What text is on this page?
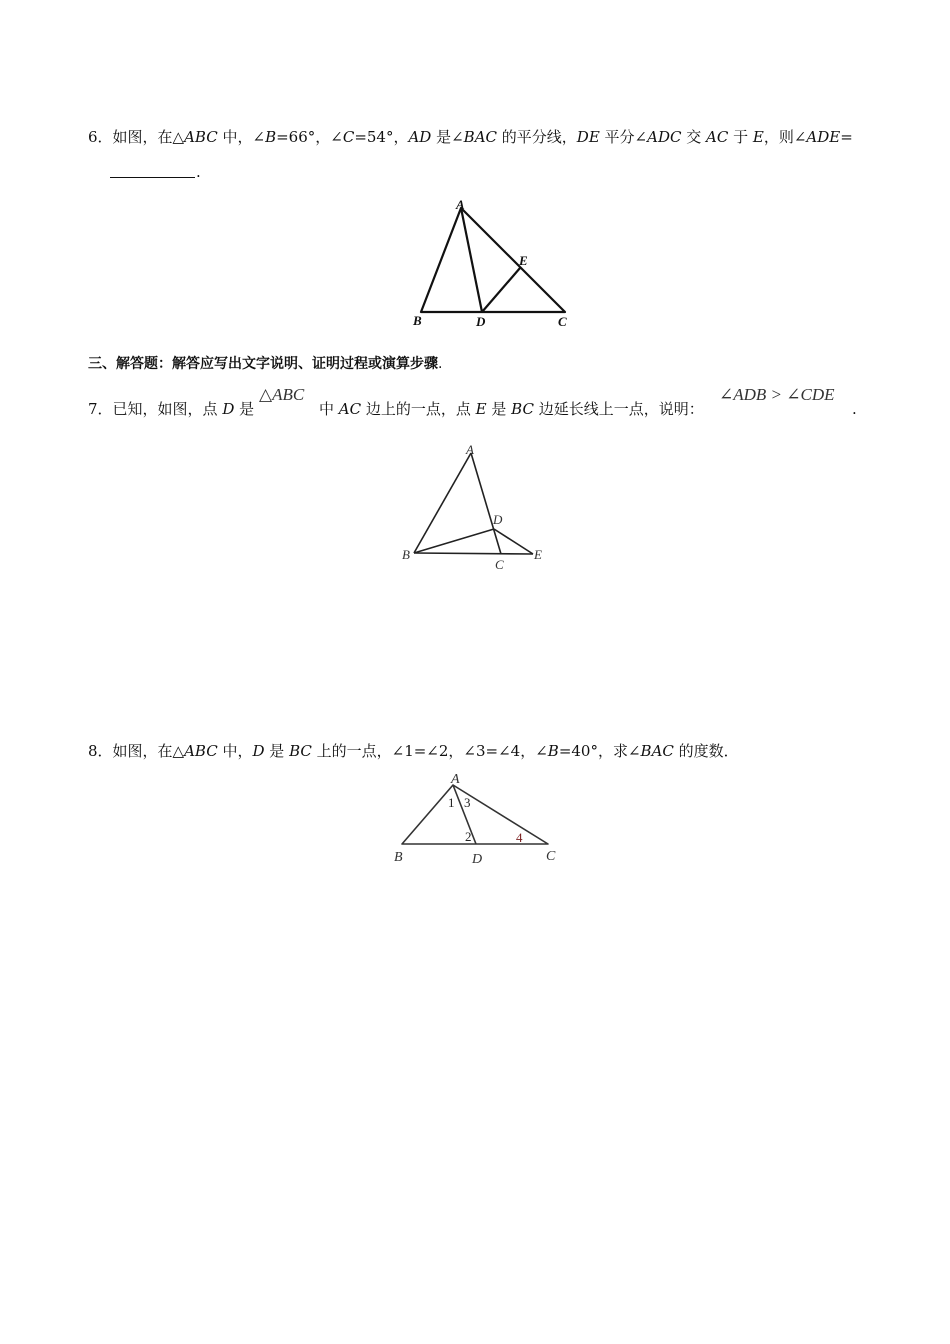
6．如图，在△ABC 中，∠B=66°，∠C=54°，AD 是∠BAC 的平分线，DE 平分∠ADC 交 AC 于 E，则∠ADE=
.
A
B	D	C
E
三、解答题：解答应写出文字说明、证明过程或演算步骤.
7．已知，如图，点 D 是
△ABC
中 AC 边上的一点，点 E 是 BC 边延长线上一点，说明：
∠ADB > ∠CDE
.
A
B
D
C
E
8．如图，在△ABC 中，D 是 BC 上的一点，∠1=∠2，∠3=∠4，∠B=40°，求∠BAC 的度数．
A
B	D	C
1 3
2	4
